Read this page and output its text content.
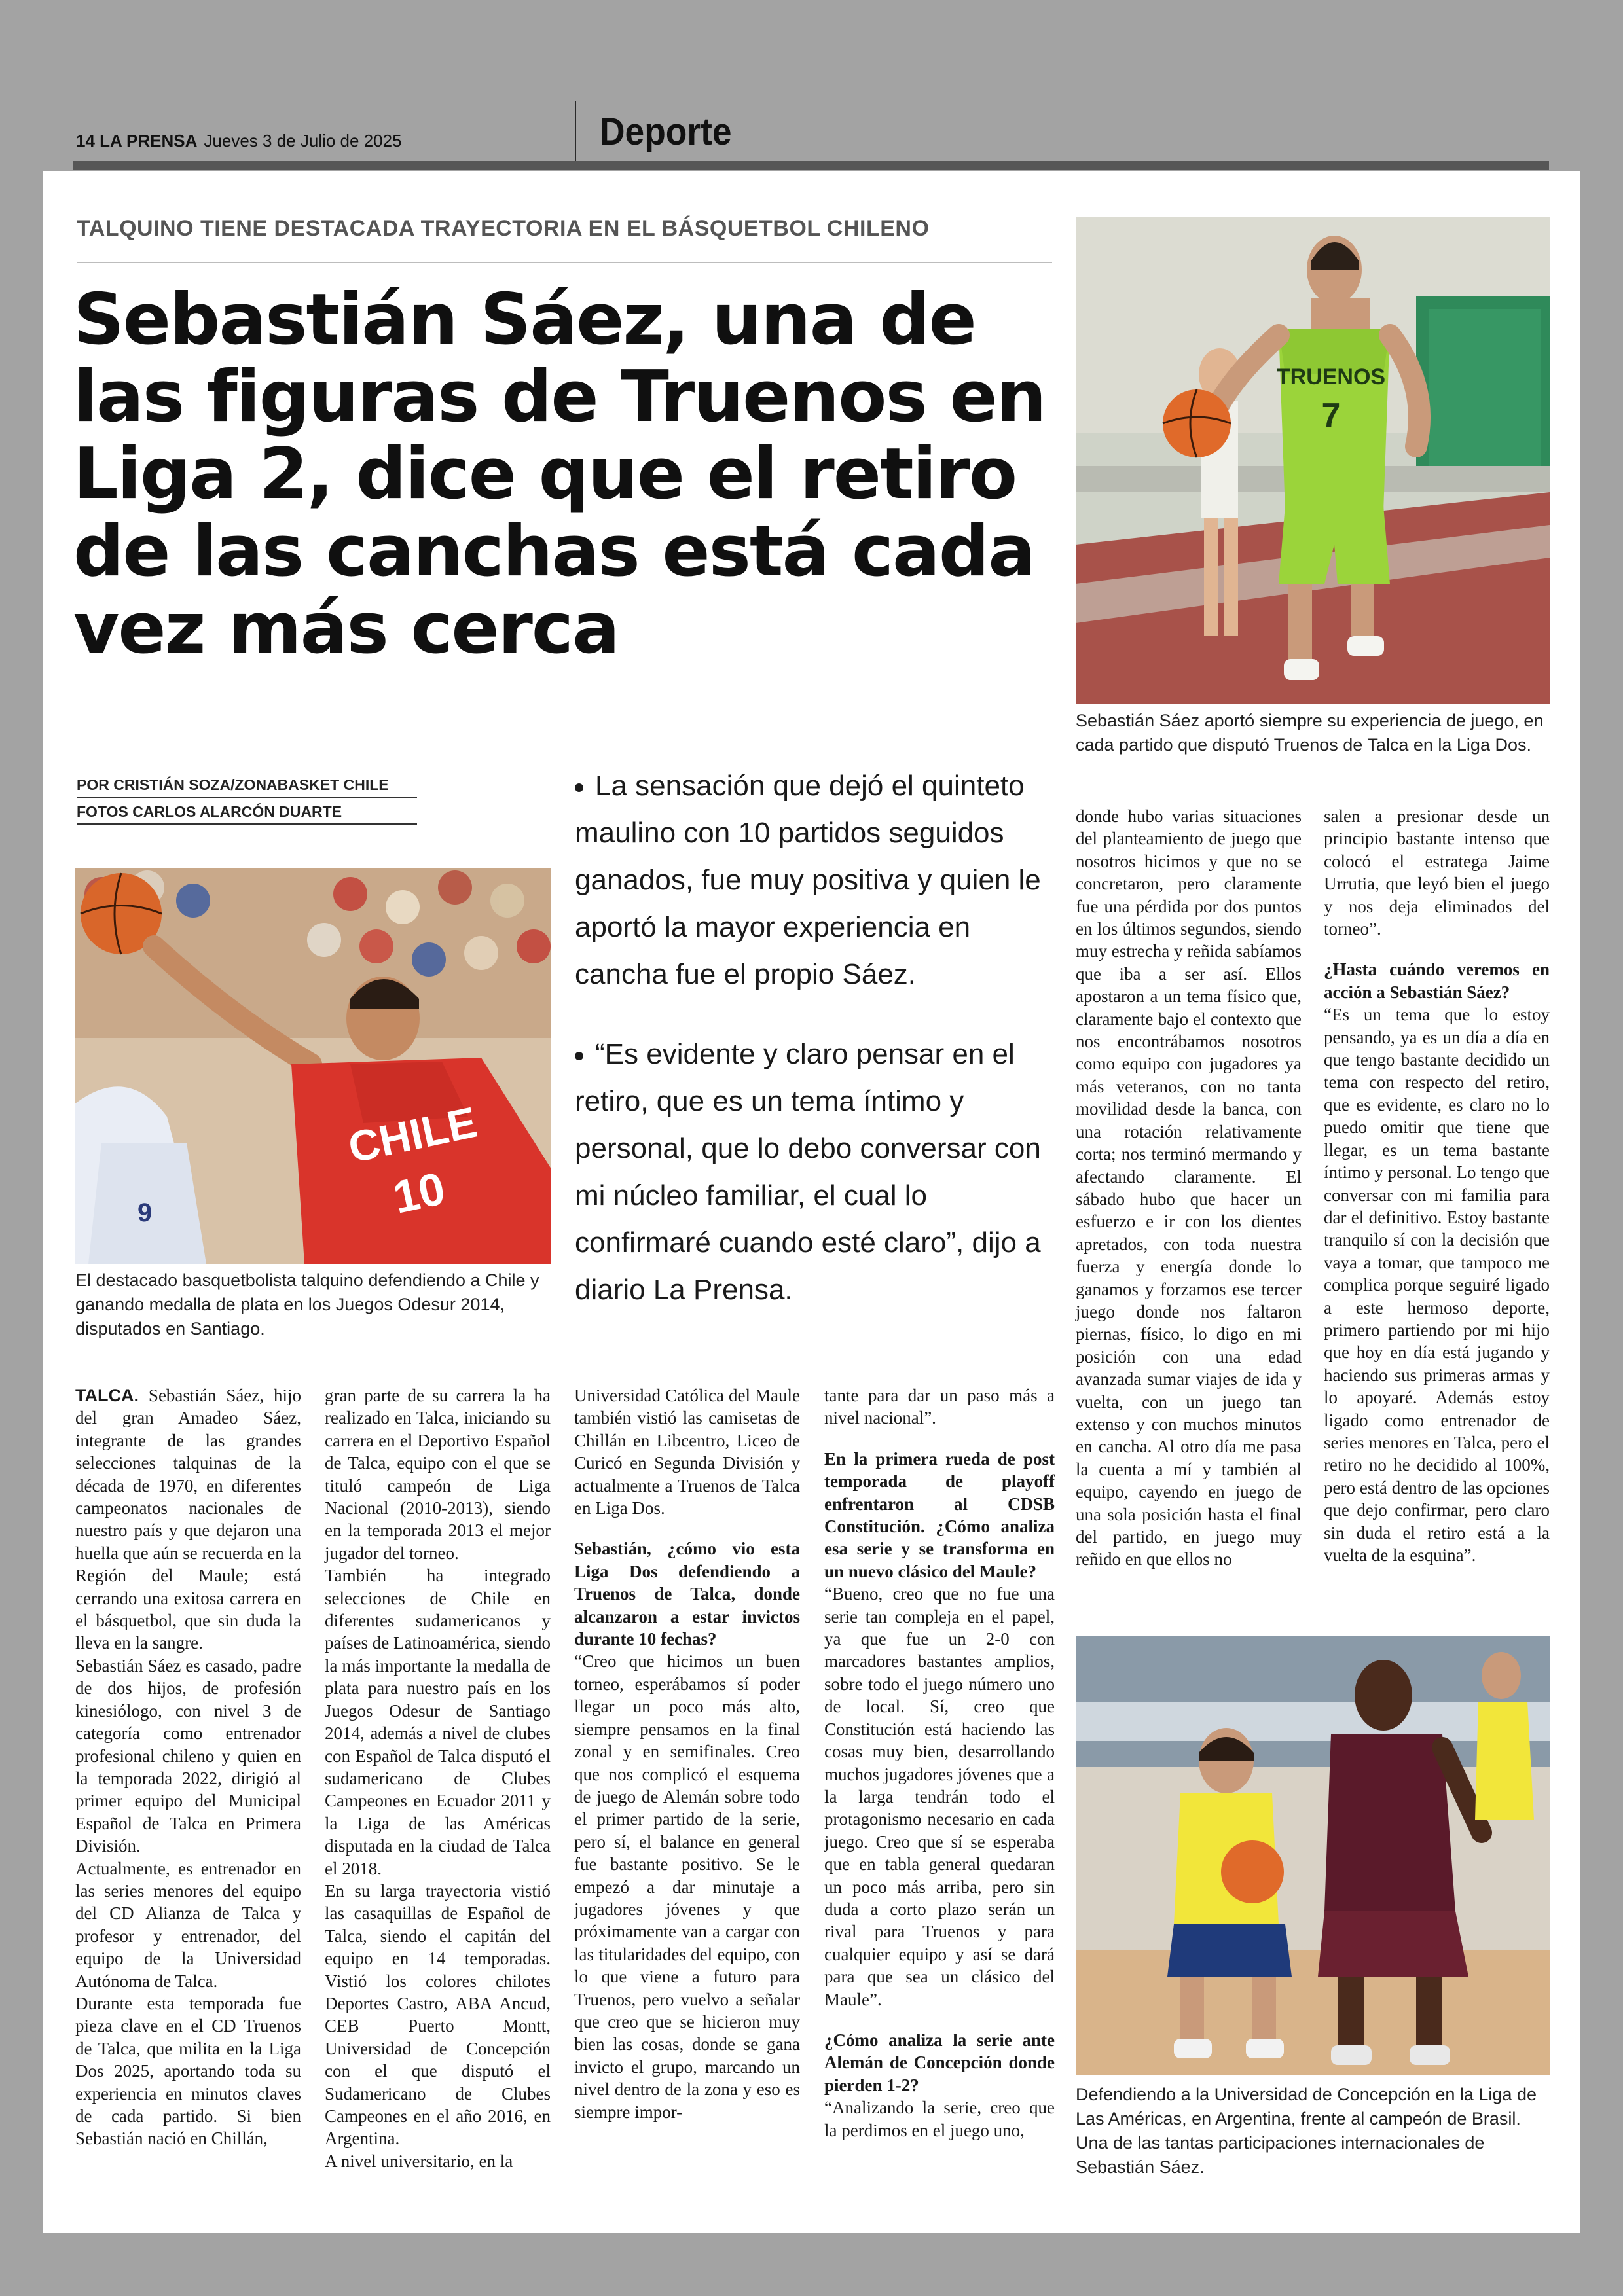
14 LA PRENSA Jueves 3 de Julio de 2025	Deporte
TALQUINO TIENE DESTACADA TRAYECTORIA EN EL BÁSQUETBOL CHILENO
Sebastián Sáez, una de las figuras de Truenos en Liga 2, dice que el retiro de las canchas está cada vez más cerca
POR CRISTIÁN SOZA/ZONABASKET CHILE
FOTOS CARLOS ALARCÓN DUARTE
TRUENOS
7
Sebastián Sáez aportó siempre su experiencia de juego, en cada partido que disputó Truenos de Talca en la Liga Dos.
9
CHILE
10
El destacado basquetbolista talquino defendiendo a Chile y ganando medalla de plata en los Juegos Odesur 2014, disputados en Santiago.
La sensación que dejó el quinteto maulino con 10 partidos seguidos ganados, fue muy positiva y quien le aportó la mayor experiencia en cancha fue el propio Sáez.
“Es evidente y claro pensar en el retiro, que es un tema íntimo y personal, que lo debo conversar con mi núcleo familiar, el cual lo confirmaré cuando esté claro”, dijo a diario La Prensa.

TALCA. Sebastián Sáez, hijo del gran Amadeo Sáez, integrante de las grandes selecciones talquinas de la década de 1970, en diferentes campeonatos nacionales de nuestro país y que dejaron una huella que aún se recuerda en la Región del Maule; está cerrando una exitosa carrera en el básquetbol, que sin duda la lleva en la sangre.

Sebastián Sáez es casado, padre de dos hijos, de profesión kinesiólogo, con nivel 3 de categoría como entrenador profesional chileno y quien en la temporada 2022, dirigió al primer equipo del Municipal Español de Talca en Primera División.

Actualmente, es entrenador en las series menores del equipo del CD Alianza de Talca y profesor y entrenador, del equipo de la Universidad Autónoma de Talca.

Durante esta temporada fue pieza clave en el CD Truenos de Talca, que milita en la Liga Dos 2025, aportando toda su experiencia en minutos claves de cada partido. Si bien Sebastián nació en Chillán,

gran parte de su carrera la ha realizado en Talca, iniciando su carrera en el Deportivo Español de Talca, equipo con el que se tituló campeón de Liga Nacional (2010-2013), siendo en la temporada 2013 el mejor jugador del torneo.

También ha integrado selecciones de Chile en diferentes sudamericanos y países de Latinoamérica, siendo la más importante la medalla de plata para nuestro país en los Juegos Odesur de Santiago 2014, además a nivel de clubes con Español de Talca disputó el sudamericano de Clubes Campeones en Ecuador 2011 y la Liga de las Américas disputada en la ciudad de Talca el 2018.

En su larga trayectoria vistió las casaquillas de Español de Talca, siendo el capitán del equipo en 14 temporadas. Vistió los colores chilotes Deportes Castro, ABA Ancud, CEB Puerto Montt, Universidad de Concepción con el que disputó el Sudamericano de Clubes Campeones en el año 2016, en Argentina.

A nivel universitario, en la

Universidad Católica del Maule también vistió las camisetas de Chillán en Libcentro, Liceo de Curicó en Segunda División y actualmente a Truenos de Talca en Liga Dos.

Sebastián, ¿cómo vio esta Liga Dos defendiendo a Truenos de Talca, donde alcanzaron a estar invictos durante 10 fechas?

“Creo que hicimos un buen torneo, esperábamos sí poder llegar un poco más alto, siempre pensamos en la final zonal y en semifinales. Creo que nos complicó el esquema de juego de Alemán sobre todo el primer partido de la serie, pero sí, el balance en general fue bastante positivo. Se le empezó a dar minutaje a jugadores jóvenes y que próximamente van a cargar con las titularidades del equipo, con lo que viene a futuro para Truenos, pero vuelvo a señalar que creo que se hicieron muy bien las cosas, donde se gana invicto el grupo, marcando un nivel dentro de la zona y eso es siempre impor-

tante para dar un paso más a nivel nacional”.

En la primera rueda de post temporada de playoff enfrentaron al CDSB Constitución. ¿Cómo analiza esa serie y se transforma en un nuevo clásico del Maule?

“Bueno, creo que no fue una serie tan compleja en el papel, ya que fue un 2-0 con marcadores bastantes amplios, sobre todo el juego número uno de local. Sí, creo que Constitución está haciendo las cosas muy bien, desarrollando muchos jugadores jóvenes que a la larga tendrán todo el protagonismo necesario en cada juego. Creo que sí se esperaba que en tabla general quedaran un poco más arriba, pero sin duda a corto plazo serán un rival para Truenos y para cualquier equipo y así se dará para que sea un clásico del Maule”.

¿Cómo analiza la serie ante Alemán de Concepción donde pierden 1-2?

“Analizando la serie, creo que la perdimos en el juego uno,

donde hubo varias situaciones del planteamiento de juego que nosotros hicimos y que no se concretaron, pero claramente fue una pérdida por dos puntos en los últimos segundos, siendo muy estrecha y reñida sabíamos que iba a ser así. Ellos apostaron a un tema físico que, claramente bajo el contexto que nos encontrábamos nosotros como equipo con jugadores ya más veteranos, con no tanta movilidad desde la banca, con una rotación relativamente corta; nos terminó mermando y afectando claramente. El sábado hubo que hacer un esfuerzo e ir con los dientes apretados, con toda nuestra fuerza y energía donde lo ganamos y forzamos ese tercer juego donde nos faltaron piernas, físico, lo digo en mi posición con una edad avanzada sumar viajes de ida y vuelta, con un juego tan extenso y con muchos minutos en cancha. Al otro día me pasa la cuenta a mí y también al equipo, cayendo en juego de una sola posición hasta el final del partido, en juego muy reñido en que ellos no

salen a presionar desde un principio bastante intenso que colocó el estratega Jaime Urrutia, que leyó bien el juego y nos deja eliminados del torneo”.

¿Hasta cuándo veremos en acción a Sebastián Sáez?

“Es un tema que lo estoy pensando, ya es un día a día en que tengo bastante decidido un tema con respecto del retiro, que es evidente, es claro no lo puedo omitir que tiene que llegar, es un tema bastante íntimo y personal. Lo tengo que conversar con mi familia para dar el definitivo. Estoy bastante tranquilo sí con la decisión que vaya a tomar, que tampoco me complica porque seguiré ligado a este hermoso deporte, primero partiendo por mi hijo que hoy en día está jugando y haciendo sus primeras armas y lo apoyaré. Además estoy ligado como entrenador de series menores en Talca, pero el retiro no he decidido al 100%, pero está dentro de las opciones que dejo confirmar, pero claro sin duda el retiro está a la vuelta de la esquina”.

Defendiendo a la Universidad de Concepción en la Liga de Las Américas, en Argentina, frente al campeón de Brasil. Una de las tantas participaciones internacionales de Sebastián Sáez.
